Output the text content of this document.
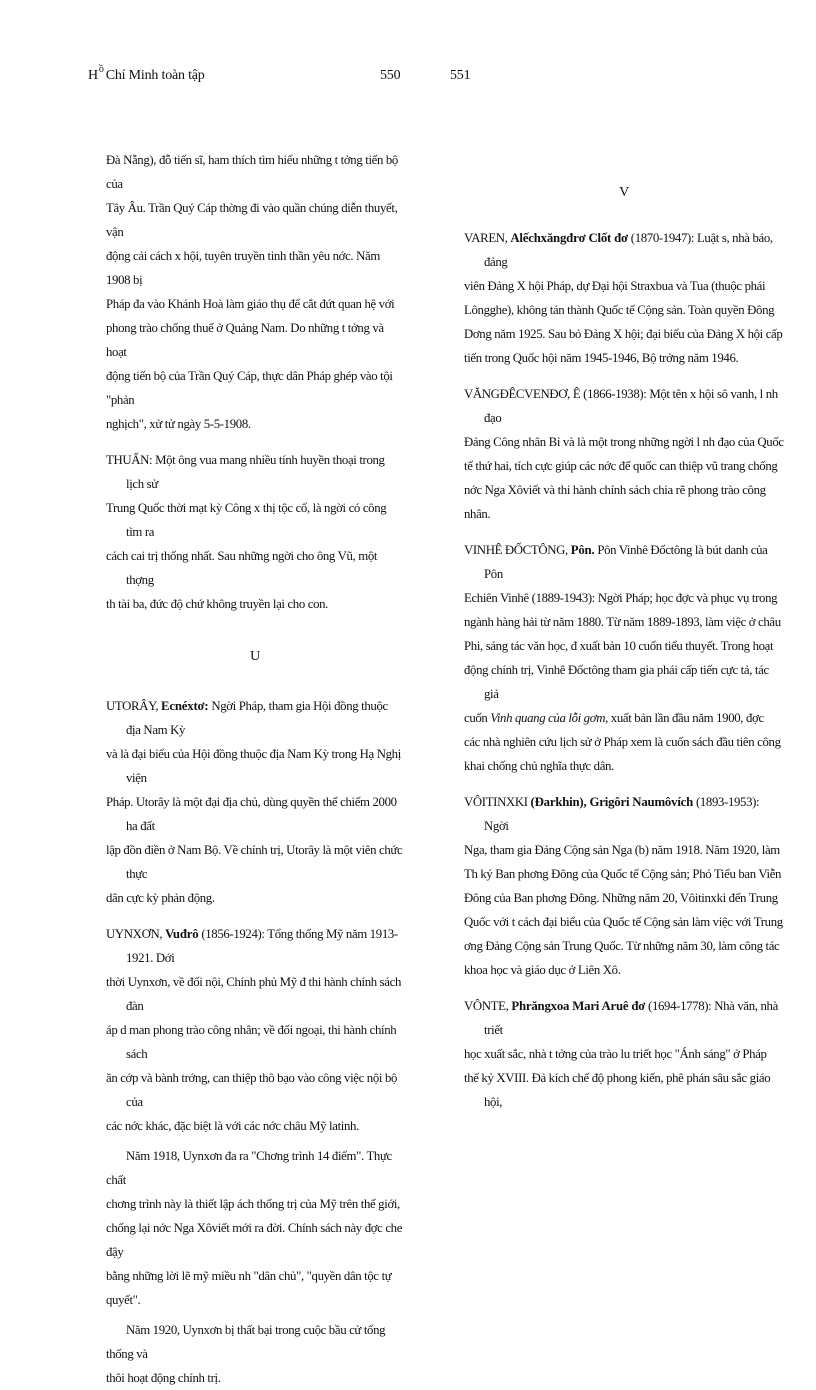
$H^ồ$ Chí Minh toàn tập	550	551
Đà Nẵng), đỗ tiến sĩ, ham thích tìm hiểu những t tởng tiến bộ của
Tây Âu. Trần Quý Cáp thờng đi vào quần chúng diễn thuyết, vận
động cải cách x hội, tuyên truyền tinh thần yêu nớc. Năm 1908 bị
Pháp đa vào Khánh Hoà làm giáo thụ để cắt đứt quan hệ với
phong trào chống thuế ở Quảng Nam. Do những t tởng và hoạt
động tiến bộ của Trần Quý Cáp, thực dân Pháp ghép vào tội "phản
nghịch", xử tử ngày 5-5-1908.
THUẤN: Một ông vua mang nhiều tính huyền thoại trong lịch sử
Trung Quốc thời mạt kỳ Công x thị tộc cổ, là ngời có công tìm ra
cách cai trị thống nhất. Sau những ngời cho ông Vũ, một thợng
th tài ba, đức độ chứ không truyền lại cho con.
U
UTORÂY, Ecnéxtơ: Ngời Pháp, tham gia Hội đồng thuộc địa Nam Kỳ
và là đại biểu của Hội đồng thuộc địa Nam Kỳ trong Hạ Nghị viện
Pháp. Utorây là một đại địa chủ, dùng quyền thế chiếm 2000 ha đất
lập đồn điền ở Nam Bộ. Về chính trị, Utorây là một viên chức thực
dân cực kỳ phản động.
UYNXƠN, Vuđrô (1856-1924): Tổng thống Mỹ năm 1913-1921. Dới
thời Uynxơn, về đối nội, Chính phủ Mỹ đ thi hành chính sách đàn
áp d man phong trào công nhân; về đối ngoại, thi hành chính sách
ăn cớp và bành trớng, can thiệp thô bạo vào công việc nội bộ của
các nớc khác, đặc biệt là với các nớc châu Mỹ latinh.
Năm 1918, Uynxơn đa ra "Chơng trình 14 điểm". Thực chất
chơng trình này là thiết lập ách thống trị của Mỹ trên thế giới,
chống lại nớc Nga Xôviết mới ra đời. Chính sách này đợc che đậy
bằng những lời lẽ mỹ miều nh "dân chủ", "quyền dân tộc tự quyết".
Năm 1920, Uynxơn bị thất bại trong cuộc bầu cử tổng thống và
thôi hoạt động chính trị.
V
VAREN, Alếchxăngđrơ Clốt đơ (1870-1947): Luật s, nhà báo, đảng
viên Đảng X hội Pháp, dự Đại hội Straxbua và Tua (thuộc phái
Lôngghe), không tán thành Quốc tế Cộng sản. Toàn quyền Đông
Dơng năm 1925. Sau bỏ Đảng X hội; đại biểu của Đảng X hội cấp
tiến trong Quốc hội năm 1945-1946, Bộ trởng năm 1946.
VĂNGĐÊCVENĐƠ, Ê (1866-1938): Một tên x hội sô vanh, l nh đạo
Đảng Công nhân Bỉ và là một trong những ngời l nh đạo của Quốc
tế thứ hai, tích cực giúp các nớc đế quốc can thiệp vũ trang chống
nớc Nga Xôviết và thi hành chính sách chia rẽ phong trào công
nhân.
VINHÊ ĐỐCTÔNG, Pôn. Pôn Vinhê Đốctông là bút danh của Pôn
Echiên Vinhê (1889-1943): Ngời Pháp; học đợc và phục vụ trong
ngành hàng hải từ năm 1880. Từ năm 1889-1893, làm việc ở châu
Phi, sáng tác văn học, đ xuất bản 10 cuốn tiểu thuyết. Trong hoạt
động chính trị, Vinhê Đốctông tham gia phái cấp tiến cực tả, tác giả
cuốn Vinh quang của lỗi gơm, xuất bản lần đầu năm 1900, đợc
các nhà nghiên cứu lịch sử ở Pháp xem là cuốn sách đầu tiên công
khai chống chủ nghĩa thực dân.
VÔITINXKI (Đarkhin), Grigôri Naumôvích (1893-1953): Ngời
Nga, tham gia Đảng Cộng sản Nga (b) năm 1918. Năm 1920, làm
Th ký Ban phơng Đông của Quốc tế Cộng sản; Phó Tiểu ban Viễn
Đông của Ban phơng Đông. Những năm 20, Vôitinxki đến Trung
Quốc với t cách đại biểu của Quốc tế Cộng sản làm việc với Trung
ơng Đảng Cộng sản Trung Quốc. Từ những năm 30, làm công tác
khoa học và giáo dục ở Liên Xô.
VÔNTE, Phrăngxoa Mari Aruê đơ (1694-1778): Nhà văn, nhà triết
học xuất sắc, nhà t tởng của trào lu triết học "Ánh sáng" ở Pháp
thế kỷ XVIII. Đả kích chế độ phong kiến, phê phán sâu sắc giáo hội,
